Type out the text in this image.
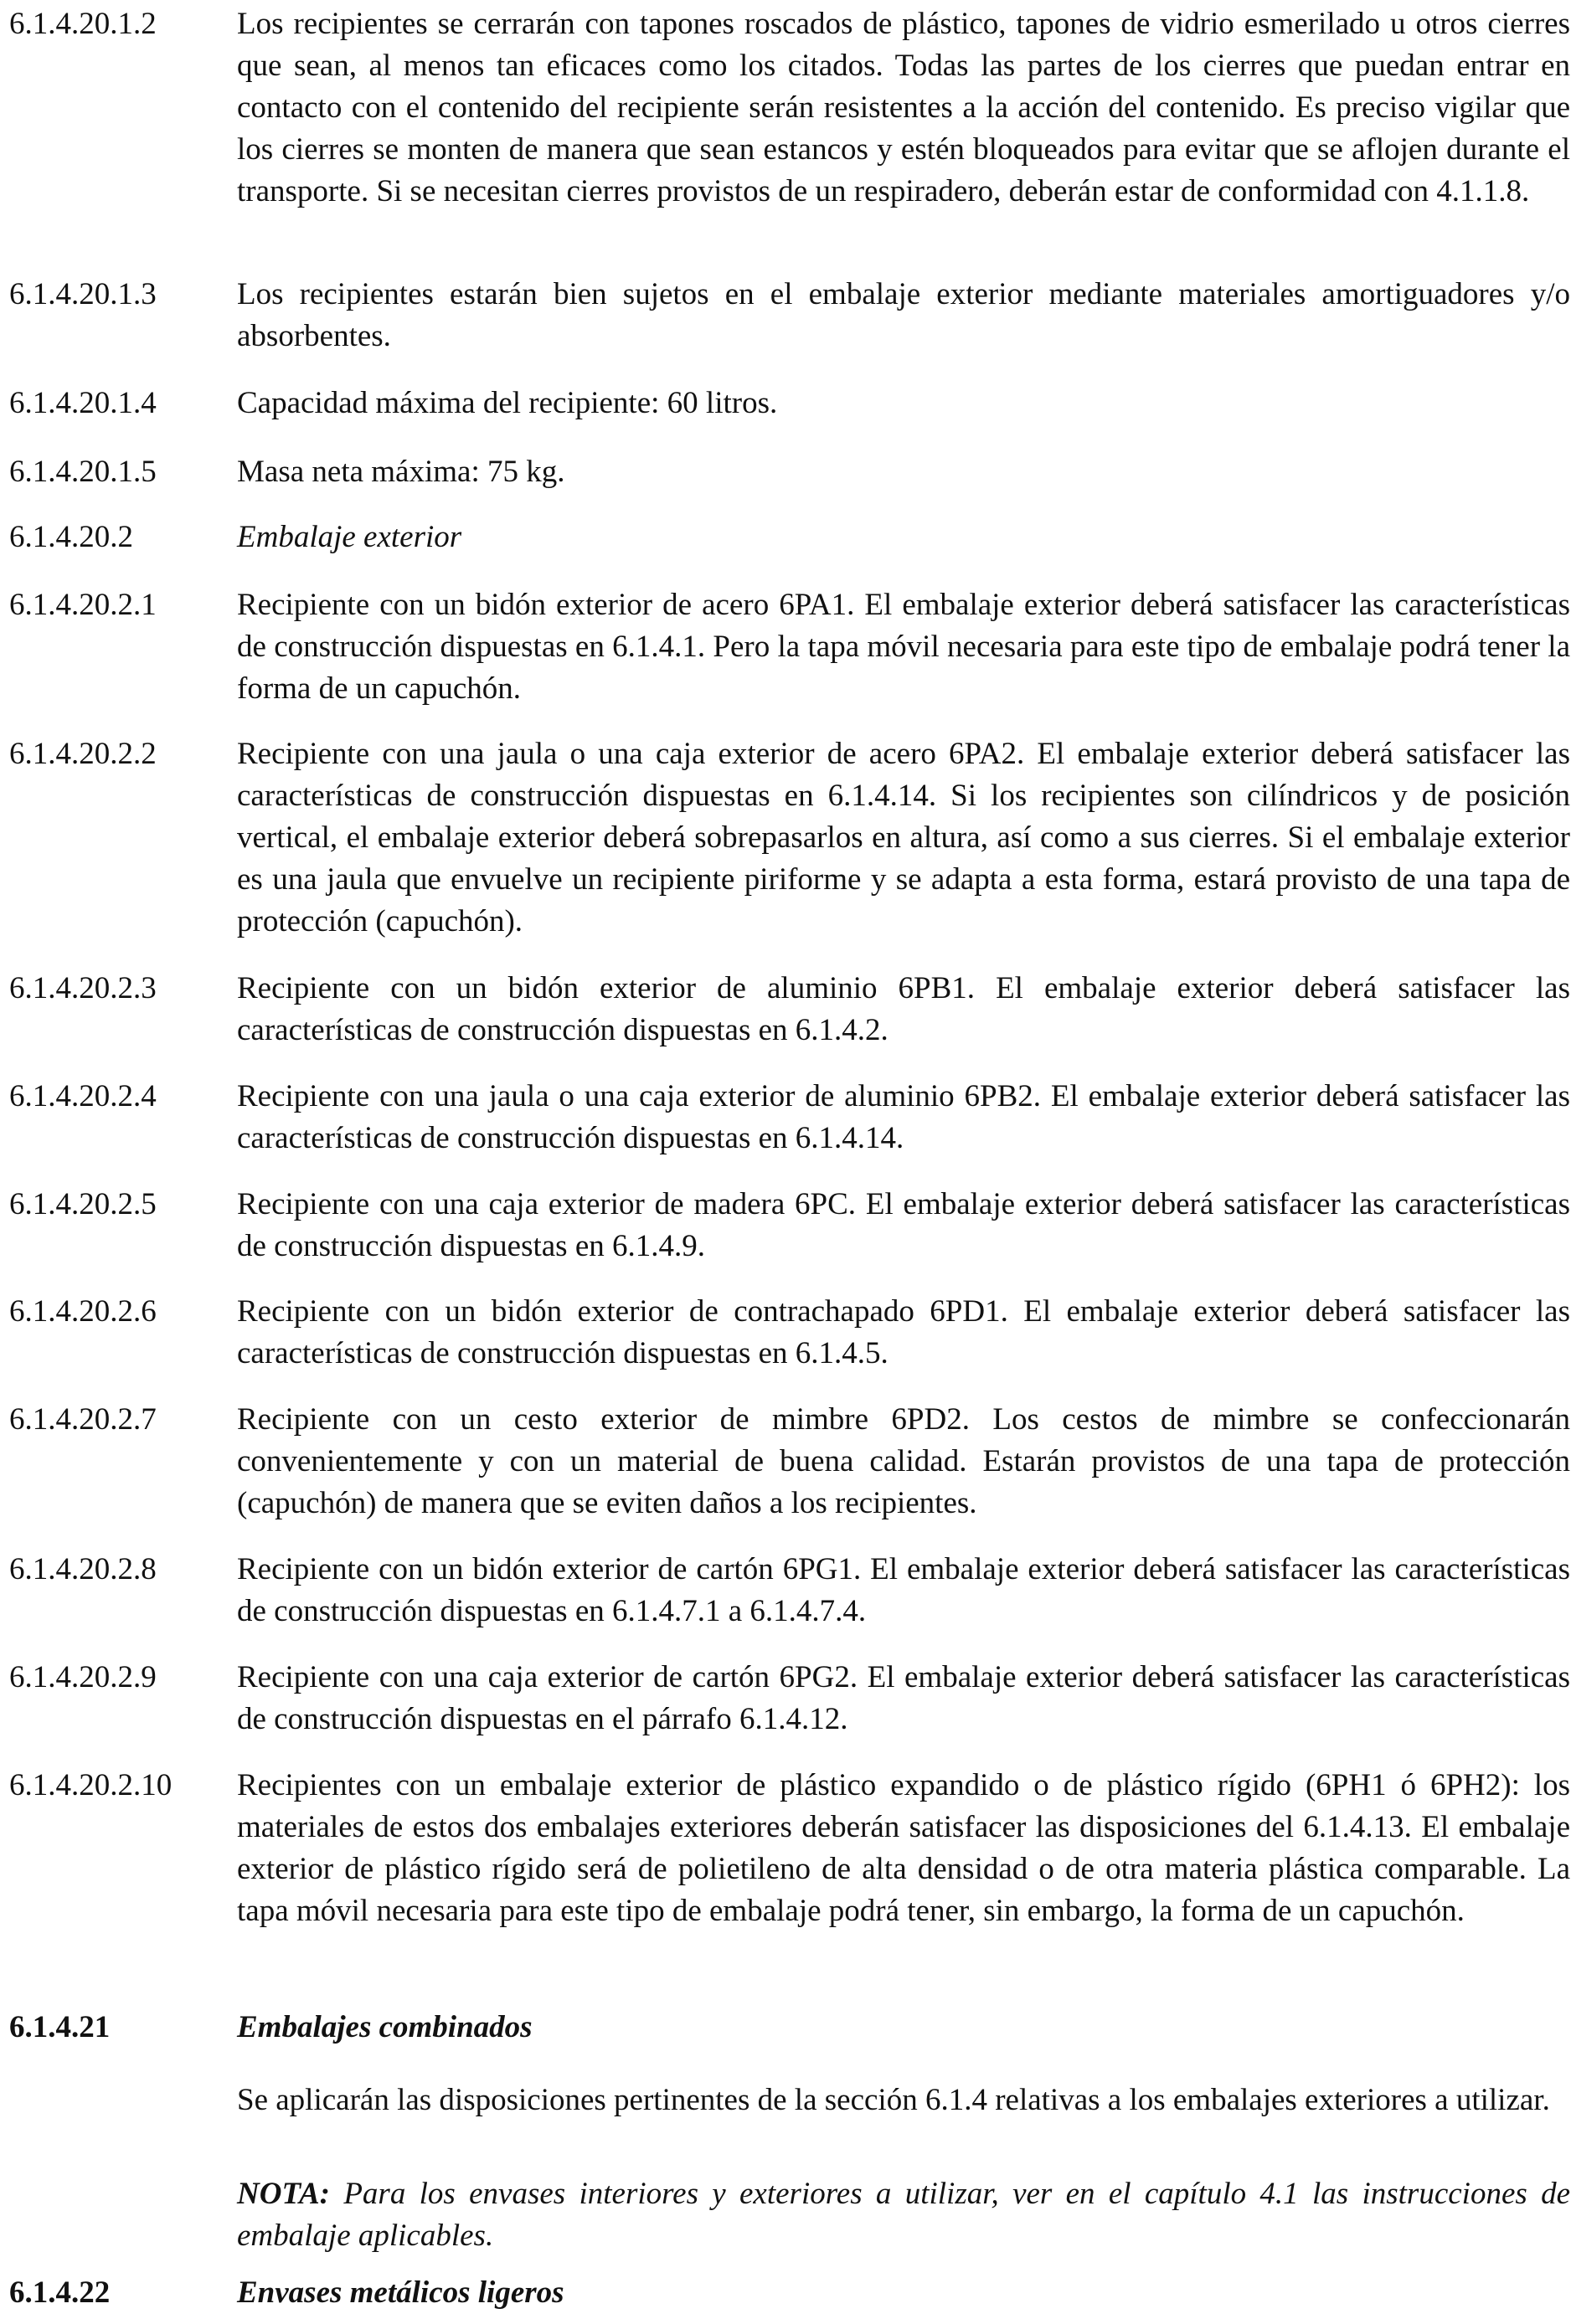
6.1.4.20.1.2	Los recipientes se cerrarán con tapones roscados de plástico, tapones de vidrio esmerilado u otros cierres que sean, al menos tan eficaces como los citados. Todas las partes de los cierres que puedan entrar en contacto con el contenido del recipiente serán resistentes a la acción del contenido. Es preciso vigilar que los cierres se monten de manera que sean estancos y estén bloqueados para evitar que se aflojen durante el transporte. Si se necesitan cierres provistos de un respiradero, deberán estar de conformidad con 4.1.1.8.
6.1.4.20.1.3	Los recipientes estarán bien sujetos en el embalaje exterior mediante materiales amortiguadores y/o absorbentes.
6.1.4.20.1.4	Capacidad máxima del recipiente: 60 litros.
6.1.4.20.1.5	Masa neta máxima: 75 kg.
6.1.4.20.2	Embalaje exterior
6.1.4.20.2.1	Recipiente con un bidón exterior de acero 6PA1. El embalaje exterior deberá satisfacer las características de construcción dispuestas en 6.1.4.1. Pero la tapa móvil necesaria para este tipo de embalaje podrá tener la forma de un capuchón.
6.1.4.20.2.2	Recipiente con una jaula o una caja exterior de acero 6PA2. El embalaje exterior deberá satisfacer las características de construcción dispuestas en 6.1.4.14. Si los recipientes son cilíndricos y de posición vertical, el embalaje exterior deberá sobrepasarlos en altura, así como a sus cierres. Si el embalaje exterior es una jaula que envuelve un recipiente piriforme y se adapta a esta forma, estará provisto de una tapa de protección (capuchón).
6.1.4.20.2.3	Recipiente con un bidón exterior de aluminio 6PB1. El embalaje exterior deberá satisfacer las características de construcción dispuestas en 6.1.4.2.
6.1.4.20.2.4	Recipiente con una jaula o una caja exterior de aluminio 6PB2. El embalaje exterior deberá satisfacer las características de construcción dispuestas en 6.1.4.14.
6.1.4.20.2.5	Recipiente con una caja exterior de madera 6PC. El embalaje exterior deberá satisfacer las características de construcción dispuestas en 6.1.4.9.
6.1.4.20.2.6	Recipiente con un bidón exterior de contrachapado 6PD1. El embalaje exterior deberá satisfacer las características de construcción dispuestas en 6.1.4.5.
6.1.4.20.2.7	Recipiente con un cesto exterior de mimbre 6PD2. Los cestos de mimbre se confeccionarán convenientemente y con un material de buena calidad. Estarán provistos de una tapa de protección (capuchón) de manera que se eviten daños a los recipientes.
6.1.4.20.2.8	Recipiente con un bidón exterior de cartón 6PG1. El embalaje exterior deberá satisfacer las características de construcción dispuestas en 6.1.4.7.1 a 6.1.4.7.4.
6.1.4.20.2.9	Recipiente con una caja exterior de cartón 6PG2. El embalaje exterior deberá satisfacer las características de construcción dispuestas en el párrafo 6.1.4.12.
6.1.4.20.2.10	Recipientes con un embalaje exterior de plástico expandido o de plástico rígido (6PH1 ó 6PH2): los materiales de estos dos embalajes exteriores deberán satisfacer las disposiciones del 6.1.4.13. El embalaje exterior de plástico rígido será de polietileno de alta densidad o de otra materia plástica comparable. La tapa móvil necesaria para este tipo de embalaje podrá tener, sin embargo, la forma de un capuchón.
6.1.4.21	Embalajes combinados
Se aplicarán las disposiciones pertinentes de la sección 6.1.4 relativas a los embalajes exteriores a utilizar.
NOTA: Para los envases interiores y exteriores a utilizar, ver en el capítulo 4.1 las instrucciones de embalaje aplicables.
6.1.4.22	Envases metálicos ligeros
